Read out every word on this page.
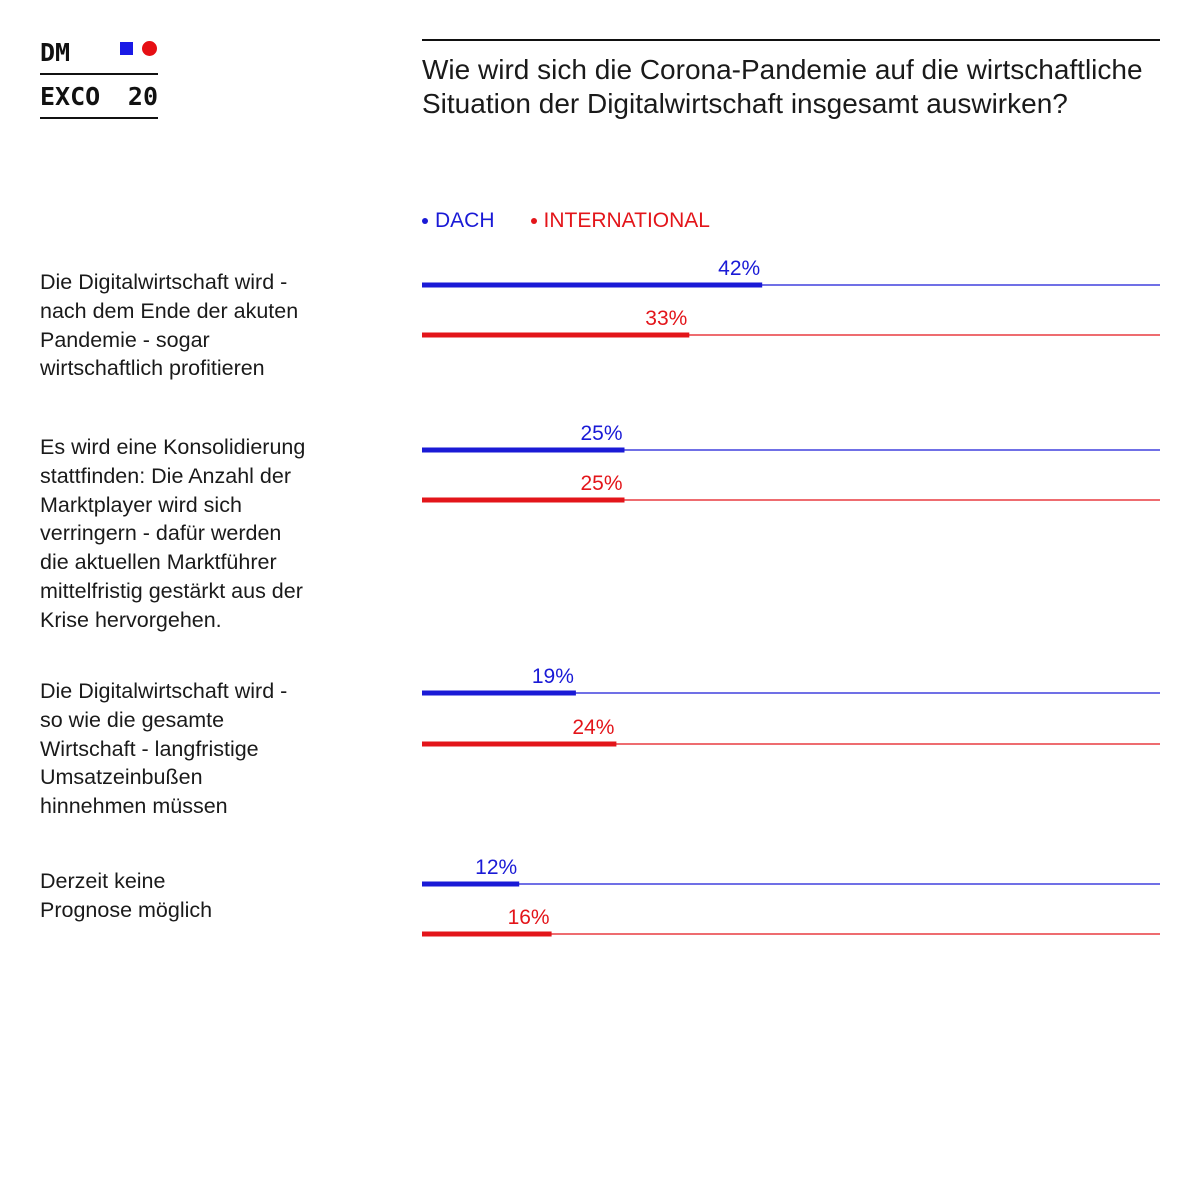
DM
EXCO 20
Wie wird sich die Corona-Pandemie auf die wirtschaftliche Situation der Digitalwirtschaft insgesamt auswirken?
DACH INTERNATIONAL
Die Digitalwirtschaft wird -
nach dem Ende der akuten
Pandemie - sogar
wirtschaftlich profitieren
Es wird eine Konsolidierung
stattfinden: Die Anzahl der
Marktplayer wird sich
verringern - dafür werden
die aktuellen Marktführer
mittelfristig gestärkt aus der
Krise hervorgehen.
Die Digitalwirtschaft wird -
so wie die gesamte
Wirtschaft - langfristige
Umsatzeinbußen
hinnehmen müssen
Derzeit keine
Prognose möglich
42%
25%
19%
12%
33%
25%
24%
16%
